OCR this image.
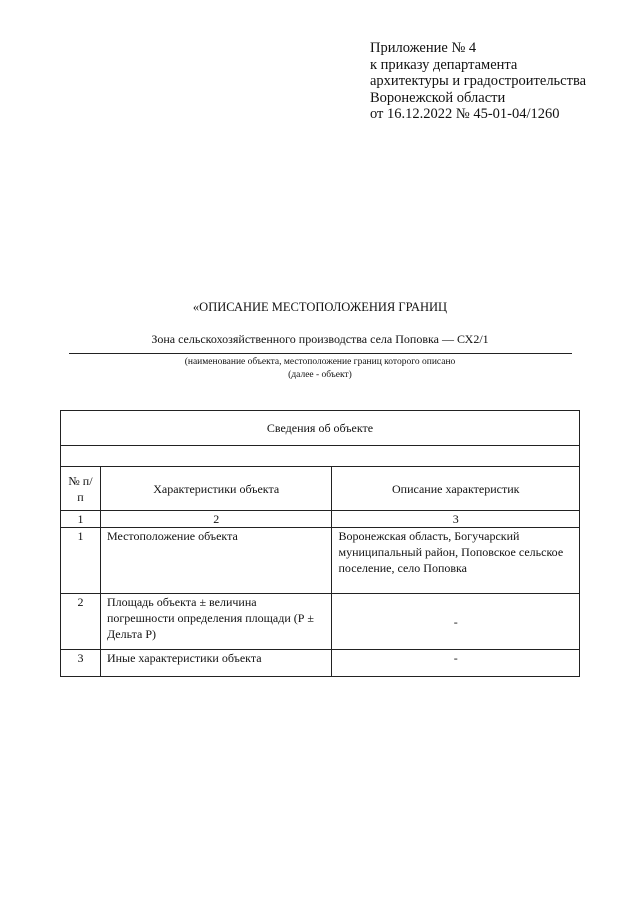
Приложение № 4
к приказу департамента
архитектуры и градостроительства
Воронежской области
от 16.12.2022 № 45-01-04/1260
«ОПИСАНИЕ МЕСТОПОЛОЖЕНИЯ ГРАНИЦ
Зона сельскохозяйственного производства села Поповка — СХ2/1
(наименование объекта, местоположение границ которого описано
(далее - объект)
Сведения об объекте		

№ п/п	Характеристики объекта	Описание характеристик
1	2	3
1	Местоположение объекта	Воронежская область, Богучарский муниципальный район, Поповское сельское поселение, село Поповка
2	Площадь объекта ± величина погрешности определения площади (Р ± Дельта Р)	-
3	Иные характеристики объекта	-
